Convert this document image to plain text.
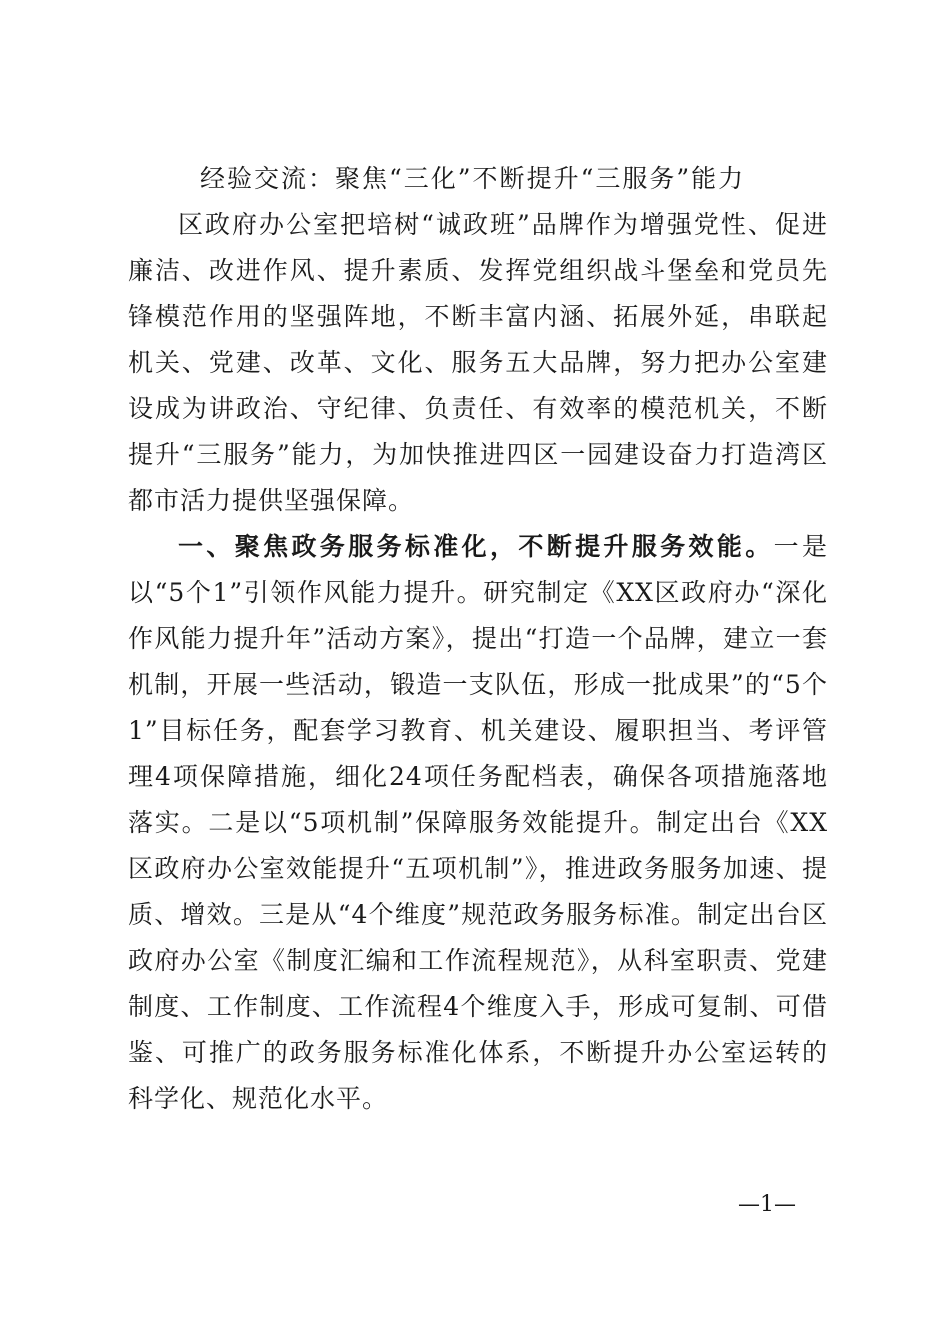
经验交流：聚焦“三化”不断提升“三服务”能力

区政府办公室把培树“诚政班”品牌作为增强党性、促进廉洁、改进作风、提升素质、发挥党组织战斗堡垒和党员先锋模范作用的坚强阵地，不断丰富内涵、拓展外延，串联起机关、党建、改革、文化、服务五大品牌，努力把办公室建设成为讲政治、守纪律、负责任、有效率的模范机关，不断提升“三服务”能力，为加快推进四区一园建设奋力打造湾区都市活力提供坚强保障。

一、聚焦政务服务标准化，不断提升服务效能。一是以“5个1”引领作风能力提升。研究制定《XX区政府办“深化作风能力提升年”活动方案》，提出“打造一个品牌，建立一套机制，开展一些活动，锻造一支队伍，形成一批成果”的“5个1”目标任务，配套学习教育、机关建设、履职担当、考评管理4项保障措施，细化24项任务配档表，确保各项措施落地落实。二是以“5项机制”保障服务效能提升。制定出台《XX区政府办公室效能提升“五项机制”》，推进政务服务加速、提质、增效。三是从“4个维度”规范政务服务标准。制定出台区政府办公室《制度汇编和工作流程规范》，从科室职责、党建制度、工作制度、工作流程4个维度入手，形成可复制、可借鉴、可推广的政务服务标准化体系，不断提升办公室运转的科学化、规范化水平。

—1—
